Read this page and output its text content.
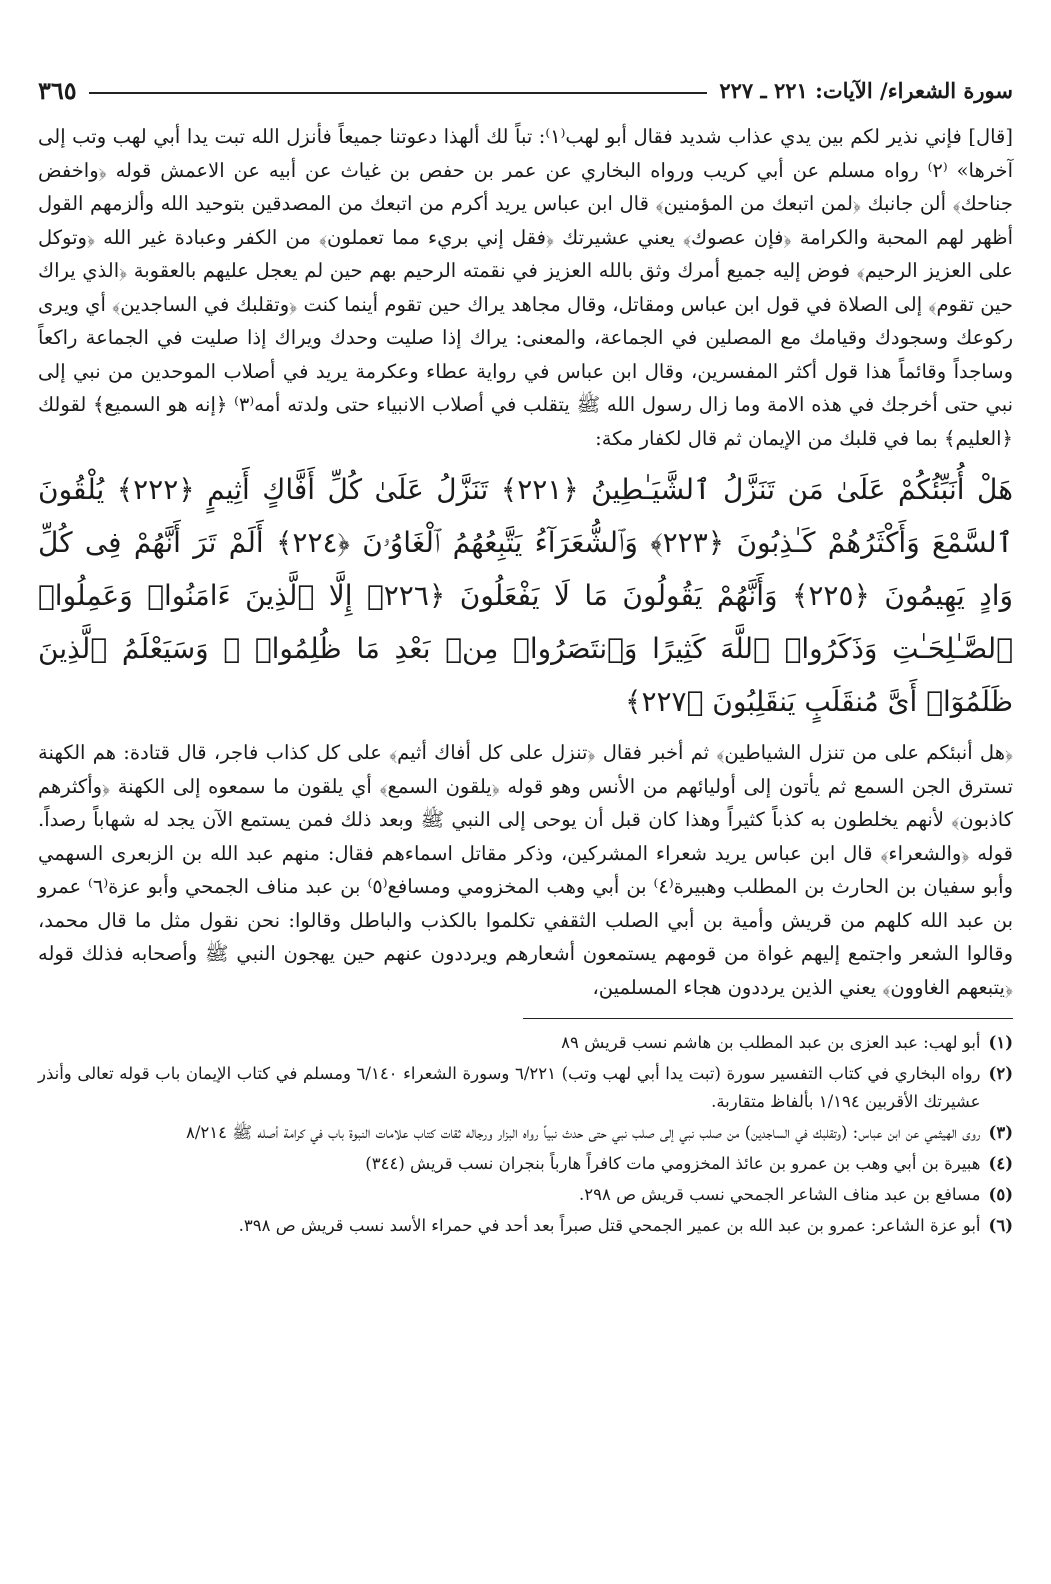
سورة الشعراء/ الآيات: ٢٢١ ـ ٢٢٧
٣٦٥

[قال] فإني نذير لكم بين يدي عذاب شديد فقال أبو لهب⁽١⁾: تباً لك ألهذا دعوتنا جميعاً فأنزل الله تبت يدا أبي لهب وتب إلى آخرها» ⁽٢⁾ رواه مسلم عن أبي كريب ورواه البخاري عن عمر بن حفص بن غياث عن أبيه عن الاعمش قوله ﴿واخفض جناحك﴾ ألن جانبك ﴿لمن اتبعك من المؤمنين﴾ قال ابن عباس يريد أكرم من اتبعك من المصدقين بتوحيد الله وألزمهم القول أظهر لهم المحبة والكرامة ﴿فإن عصوك﴾ يعني عشيرتك ﴿فقل إني بريء مما تعملون﴾ من الكفر وعبادة غير الله ﴿وتوكل على العزيز الرحيم﴾ فوض إليه جميع أمرك وثق بالله العزيز في نقمته الرحيم بهم حين لم يعجل عليهم بالعقوبة ﴿الذي يراك حين تقوم﴾ إلى الصلاة في قول ابن عباس ومقاتل، وقال مجاهد يراك حين تقوم أينما كنت ﴿وتقلبك في الساجدين﴾ أي ويرى ركوعك وسجودك وقيامك مع المصلين في الجماعة، والمعنى: يراك إذا صليت وحدك ويراك إذا صليت في الجماعة راكعاً وساجداً وقائماً هذا قول أكثر المفسرين، وقال ابن عباس في رواية عطاء وعكرمة يريد في أصلاب الموحدين من نبي إلى نبي حتى أخرجك في هذه الامة وما زال رسول الله ﷺ يتقلب في أصلاب الانبياء حتى ولدته أمه⁽٣⁾ ﴿إنه هو السميع﴾ لقولك ﴿العليم﴾ بما في قلبك من الإيمان ثم قال لكفار مكة:

هَلْ أُنَبِّئُكُمْ عَلَىٰ مَن تَنَزَّلُ ٱلشَّيَـٰطِينُ ﴿٢٢١﴾ تَنَزَّلُ عَلَىٰ كُلِّ أَفَّاكٍ أَثِيمٍ ﴿٢٢٢﴾ يُلْقُونَ ٱلسَّمْعَ وَأَكْثَرُهُمْ كَـٰذِبُونَ ﴿٢٢٣﴾ وَٱلشُّعَرَآءُ يَتَّبِعُهُمُ ٱلْغَاوُۥنَ ﴿٢٢٤﴾ أَلَمْ تَرَ أَنَّهُمْ فِى كُلِّ وَادٍ يَهِيمُونَ ﴿٢٢٥﴾ وَأَنَّهُمْ يَقُولُونَ مَا لَا يَفْعَلُونَ ﴿٢٢٦﴾ إِلَّا ٱلَّذِينَ ءَامَنُوا۟ وَعَمِلُوا۟ ٱلصَّـٰلِحَـٰتِ وَذَكَرُوا۟ ٱللَّهَ كَثِيرًا وَٱنتَصَرُوا۟ مِنۢ بَعْدِ مَا ظُلِمُوا۟ ۗ وَسَيَعْلَمُ ٱلَّذِينَ ظَلَمُوٓا۟ أَىَّ مُنقَلَبٍ يَنقَلِبُونَ ﴿٢٢٧﴾

﴿هل أنبئكم على من تنزل الشياطين﴾ ثم أخبر فقال ﴿تنزل على كل أفاك أثيم﴾ على كل كذاب فاجر، قال قتادة: هم الكهنة تسترق الجن السمع ثم يأتون إلى أوليائهم من الأنس وهو قوله ﴿يلقون السمع﴾ أي يلقون ما سمعوه إلى الكهنة ﴿وأكثرهم كاذبون﴾ لأنهم يخلطون به كذباً كثيراً وهذا كان قبل أن يوحى إلى النبي ﷺ وبعد ذلك فمن يستمع الآن يجد له شهاباً رصداً. قوله ﴿والشعراء﴾ قال ابن عباس يريد شعراء المشركين، وذكر مقاتل اسماءهم فقال: منهم عبد الله بن الزبعرى السهمي وأبو سفيان بن الحارث بن المطلب وهبيرة⁽٤⁾ بن أبي وهب المخزومي ومسافع⁽٥⁾ بن عبد مناف الجمحي وأبو عزة⁽٦⁾ عمرو بن عبد الله كلهم من قريش وأمية بن أبي الصلب الثقفي تكلموا بالكذب والباطل وقالوا: نحن نقول مثل ما قال محمد، وقالوا الشعر واجتمع إليهم غواة من قومهم يستمعون أشعارهم ويرددون عنهم حين يهجون النبي ﷺ وأصحابه فذلك قوله ﴿يتبعهم الغاوون﴾ يعني الذين يرددون هجاء المسلمين،

(١)
أبو لهب: عبد العزى بن عبد المطلب بن هاشم نسب قريش ٨٩
(٢)
رواه البخاري في كتاب التفسير سورة (تبت يدا أبي لهب وتب) ٦/٢٢١ وسورة الشعراء ٦/١٤٠ ومسلم في كتاب الإيمان باب قوله تعالى وأنذر عشيرتك الأقربين ١/١٩٤ بألفاظ متقاربة.
(٣)
روى الهيثمي عن ابن عباس: (وتقلبك في الساجدين) من صلب نبي إلى صلب نبي حتى حدث نبياً رواه البزار ورجاله ثقات كتاب علامات النبوة باب في كرامة أصله ﷺ ٨/٢١٤
(٤)
هبيرة بن أبي وهب بن عمرو بن عائذ المخزومي مات كافراً هارباً بنجران نسب قريش (٣٤٤)
(٥)
مسافع بن عبد مناف الشاعر الجمحي نسب قريش ص ٢٩٨.
(٦)
أبو عزة الشاعر: عمرو بن عبد الله بن عمير الجمحي قتل صبراً بعد أحد في حمراء الأسد نسب قريش ص ٣٩٨.
